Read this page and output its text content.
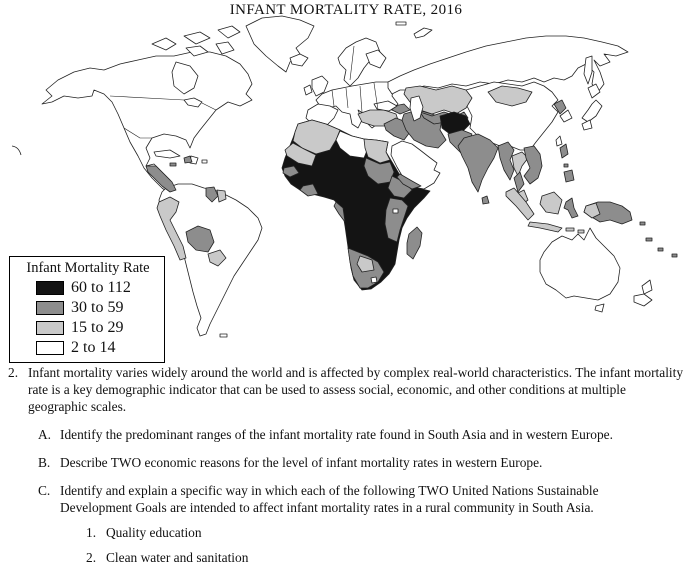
INFANT MORTALITY RATE, 2016
Infant Mortality Rate
60 to 112
30 to 59
15 to 29
2 to 14
2. Infant mortality varies widely around the world and is affected by complex real-world characteristics. The infant mortality rate is a key demographic indicator that can be used to assess social, economic, and other conditions at multiple geographic scales.
A. Identify the predominant ranges of the infant mortality rate found in South Asia and in western Europe.
B. Describe TWO economic reasons for the level of infant mortality rates in western Europe.
C. Identify and explain a specific way in which each of the following TWO United Nations Sustainable Development Goals are intended to affect infant mortality rates in a rural community in South Asia.
1. Quality education
2. Clean water and sanitation
